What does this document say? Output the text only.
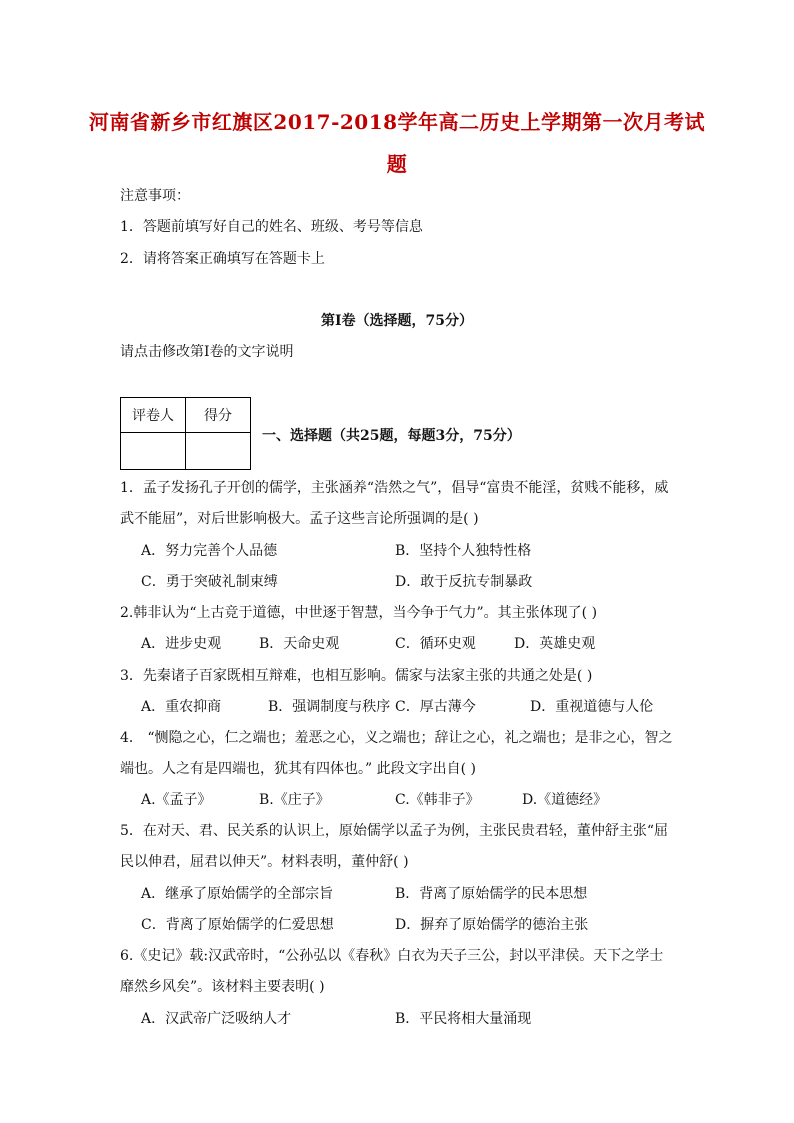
河南省新乡市红旗区2017-2018学年高二历史上学期第一次月考试
题
注意事项：
1．答题前填写好自己的姓名、班级、考号等信息
2．请将答案正确填写在答题卡上
第I卷（选择题，75分）
请点击修改第I卷的文字说明
评卷人	得分

一、选择题（共25题，每题3分，75分）
1．孟子发扬孔子开创的儒学，主张涵养“浩然之气”，倡导“富贵不能淫，贫贱不能移，威
武不能屈”，对后世影响极大。孟子这些言论所强调的是( )
A．努力完善个人品德	B．坚持个人独特性格
C．勇于突破礼制束缚	D．敢于反抗专制暴政
2.韩非认为“上古竞于道德，中世逐于智慧，当今争于气力”。其主张体现了( )
A．进步史观	B．天命史观	C．循环史观	D．英雄史观
3．先秦诸子百家既相互辩难，也相互影响。儒家与法家主张的共通之处是( )
A．重农抑商	B．强调制度与秩序 C．厚古薄今	D．重视道德与人伦
4． “恻隐之心，仁之端也；羞恶之心，义之端也；辞让之心，礼之端也；是非之心，智之
端也。人之有是四端也，犹其有四体也。” 此段文字出自( )
A.《孟子》	B.《庄子》	C.《韩非子》	D.《道德经》
5．在对天、君、民关系的认识上，原始儒学以孟子为例，主张民贵君轻，董仲舒主张“屈
民以伸君，屈君以伸天”。材料表明，董仲舒( )
A．继承了原始儒学的全部宗旨	B．背离了原始儒学的民本思想
C．背离了原始儒学的仁爱思想	D．摒弃了原始儒学的德治主张
6.《史记》载:汉武帝时，“公孙弘以《春秋》白衣为天子三公，封以平津侯。天下之学士
靡然乡风矣”。该材料主要表明( )
A．汉武帝广泛吸纳人才	B．平民将相大量涌现
